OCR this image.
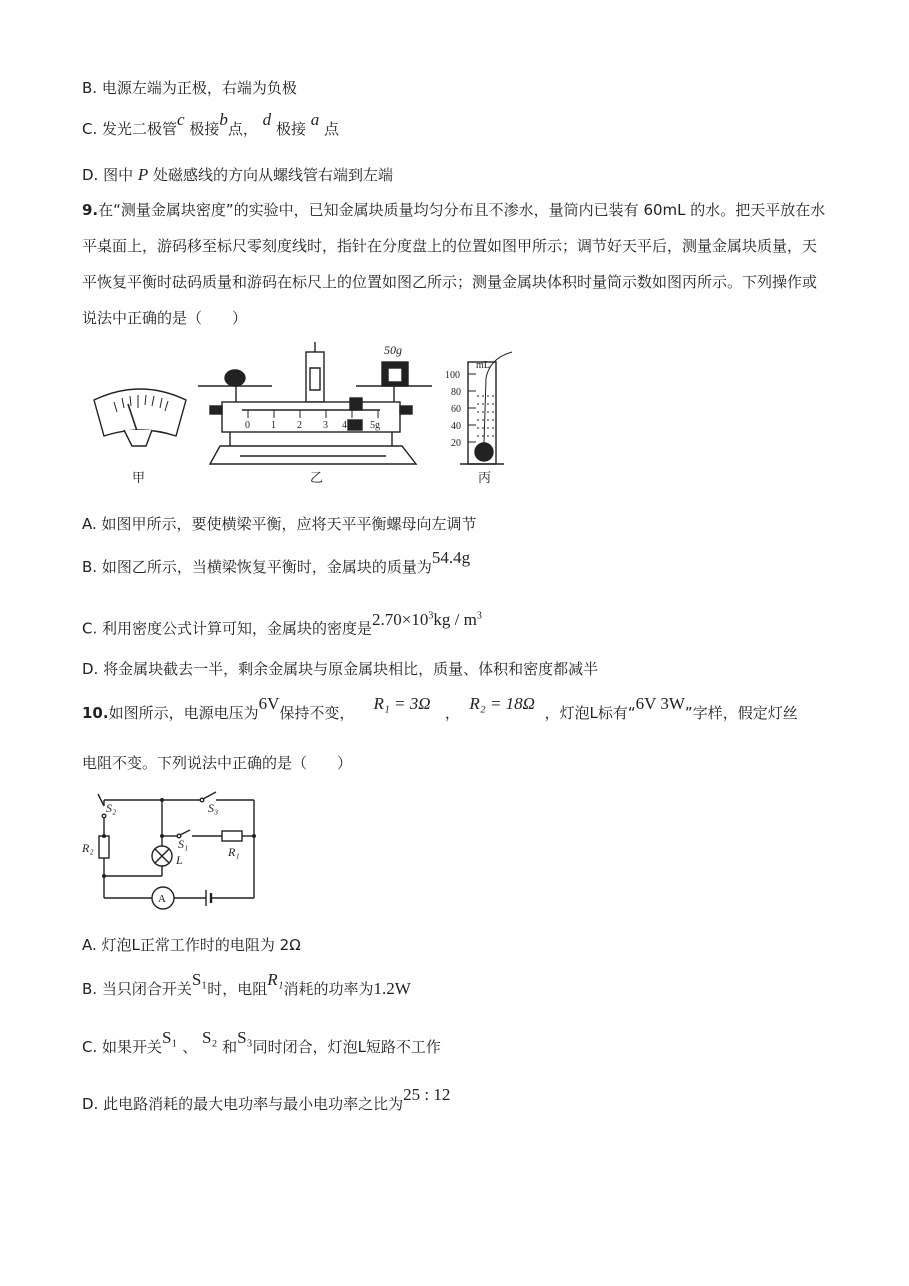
B. 电源左端为正极，右端为负极
C. 发光二极管c 极接b点， d 极接 a 点
D. 图中 P 处磁感线的方向从螺线管右端到左端
9.在“测量金属块密度”的实验中，已知金属块质量均匀分布且不渗水，量筒内已装有 60mL 的水。把天平放在水平桌面上，游码移至标尺零刻度线时，指针在分度盘上的位置如图甲所示；调节好天平后，测量金属块质量，天平恢复平衡时砝码质量和游码在标尺上的位置如图乙所示；测量金属块体积时量筒示数如图丙所示。下列操作或说法中正确的是（　　）
甲
50g
0 1 2 3 4 5g
乙
mL
100
80
60
40
20
丙
A. 如图甲所示，要使横梁平衡，应将天平平衡螺母向左调节
B. 如图乙所示，当横梁恢复平衡时，金属块的质量为54.4g
C. 利用密度公式计算可知，金属块的密度是$2.70\times 10^3kg / m^3$
D. 将金属块截去一半，剩余金属块与原金属块相比，质量、体积和密度都减半
10.如图所示，电源电压为6V保持不变， R₁ = 3Ω ， R₂ = 18Ω ，灯泡L标有“6V 3W”字样，假定灯丝
电阻不变。下列说法中正确的是（　　）
S₂	S₃
S₁
R₁
R₂
L
A
A. 灯泡L正常工作时的电阻为 2Ω
B. 当只闭合开关S₁时，电阻R₁消耗的功率为1.2W
C. 如果开关S₁ 、 S₂ 和S₃同时闭合，灯泡L短路不工作
D. 此电路消耗的最大电功率与最小电功率之比为25 : 12
